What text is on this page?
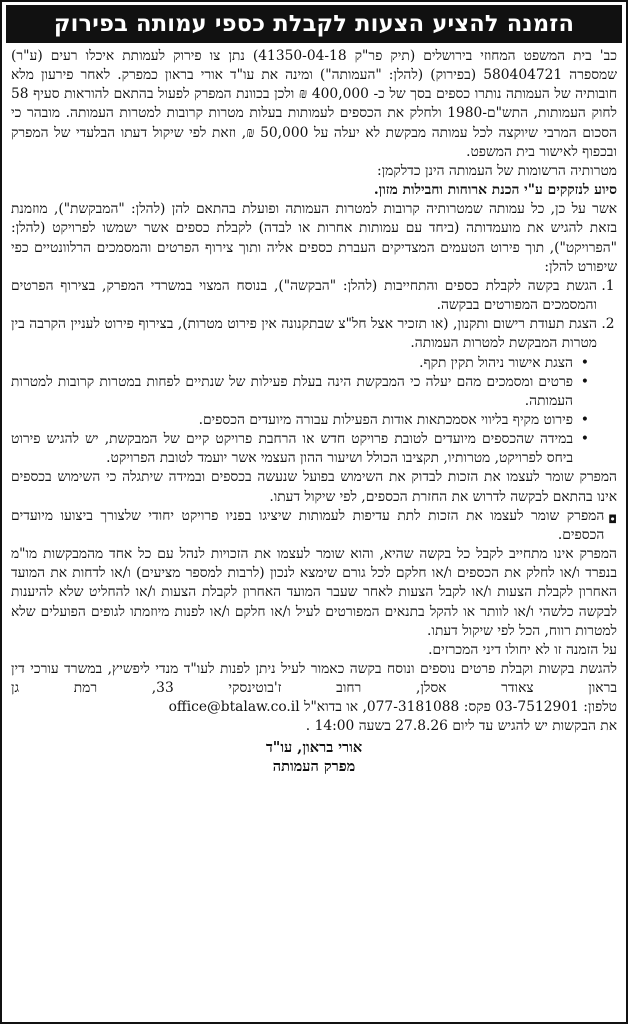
הזמנה להציע הצעות לקבלת כספי עמותה בפירוק

כב' בית המשפט המחוזי בירושלים (תיק פר"ק 41350-04-18) נתן צו פירוק לעמותת איכלו רעים (ע"ר) שמספרה 580404721 (בפירוק) (להלן: "העמותה") ומינה את עו"ד אורי בראון כמפרק. לאחר פירעון מלא חובותיה של העמותה נותרו כספים בסך של כ- 400,000 ₪ ולכן בכוונת המפרק לפעול בהתאם להוראות סעיף 58 לחוק העמותות, התש"ם-1980 ולחלק את הכספים לעמותות בעלות מטרות קרובות למטרות העמותה. מובהר כי הסכום המרבי שיוקצה לכל עמותה מבקשת לא יעלה על 50,000 ₪, וזאת לפי שיקול דעתו הבלעדי של המפרק ובכפוף לאישור בית המשפט.

מטרותיה הרשומות של העמותה הינן כדלקמן:

סיוע לנזקקים ע"י הכנת ארוחות וחבילות מזון.

אשר על כן, כל עמותה שמטרותיה קרובות למטרות העמותה ופועלת בהתאם להן (להלן: "המבקשת"), מוזמנת בזאת להגיש את מועמדותה (ביחד עם עמותות אחרות או לבדה) לקבלת כספים אשר ישמשו לפרויקט (להלן: "הפרויקט"), תוך פירוט הטעמים המצדיקים העברת כספים אליה ותוך צירוף הפרטים והמסמכים הרלוונטיים כפי שיפורט להלן:

1. הגשת בקשה לקבלת כספים והתחייבות (להלן: "הבקשה"), בנוסח המצוי במשרדי המפרק, בצירוף הפרטים והמסמכים המפורטים בבקשה.
2. הצגת תעודת רישום ותקנון, (או תזכיר אצל חל"צ שבתקנונה אין פירוט מטרות), בצירוף פירוט לעניין הקרבה בין מטרות המבקשת למטרות העמותה.
• הצגת אישור ניהול תקין תקף.
• פרטים ומסמכים מהם יעלה כי המבקשת הינה בעלת פעילות של שנתיים לפחות במטרות קרובות למטרות העמותה.
• פירוט מקיף בליווי אסמכתאות אודות הפעילות עבורה מיועדים הכספים.
• במידה שהכספים מיועדים לטובת פרויקט חדש או הרחבת פרויקט קיים של המבקשת, יש להגיש פירוט ביחס לפרויקט, מטרותיו, תקציבו הכולל ושיעור ההון העצמי אשר יועמד לטובת הפרויקט.

המפרק שומר לעצמו את הזכות לבדוק את השימוש בפועל שנעשה בכספים ובמידה שיתגלה כי השימוש בכספים אינו בהתאם לבקשה לדרוש את החזרת הכספים, לפי שיקול דעתו.

◘
המפרק שומר לעצמו את הזכות לתת עדיפות לעמותות שיציגו בפניו פרויקט יחודי שלצורך ביצועו מיועדים הכספים.

המפרק אינו מתחייב לקבל כל בקשה שהיא, והוא שומר לעצמו את הזכויות לנהל עם כל אחד מהמבקשות מו"מ בנפרד ו/או לחלק את הכספים ו/או חלקם לכל גורם שימצא לנכון (לרבות למספר מציעים) ו/או לדחות את המועד האחרון לקבלת הצעות ו/או לקבל הצעות לאחר שעבר המועד האחרון לקבלת הצעות ו/או להחליט שלא להיענות לבקשה כלשהי ו/או לוותר או להקל בתנאים המפורטים לעיל ו/או חלקם ו/או לפנות מיוזמתו לגופים הפועלים שלא למטרות רווח, הכל לפי שיקול דעתו.

על הזמנה זו לא יחולו דיני המכרזים.

להגשת בקשות וקבלת פרטים נוספים ונוסח בקשה כאמור לעיל ניתן לפנות לעו"ד מנדי ליפשיץ, במשרד עורכי דין בראון צאודר אסלן, רחוב ז'בוטינסקי 33, רמת גן טלפון: 03-7512901 פקס: 077-3181088, או בדוא"ל office@btalaw.co.il

את הבקשות יש להגיש עד ליום 27.8.26 בשעה 14:00 .

אורי בראון, עו"ד
מפרק העמותה
